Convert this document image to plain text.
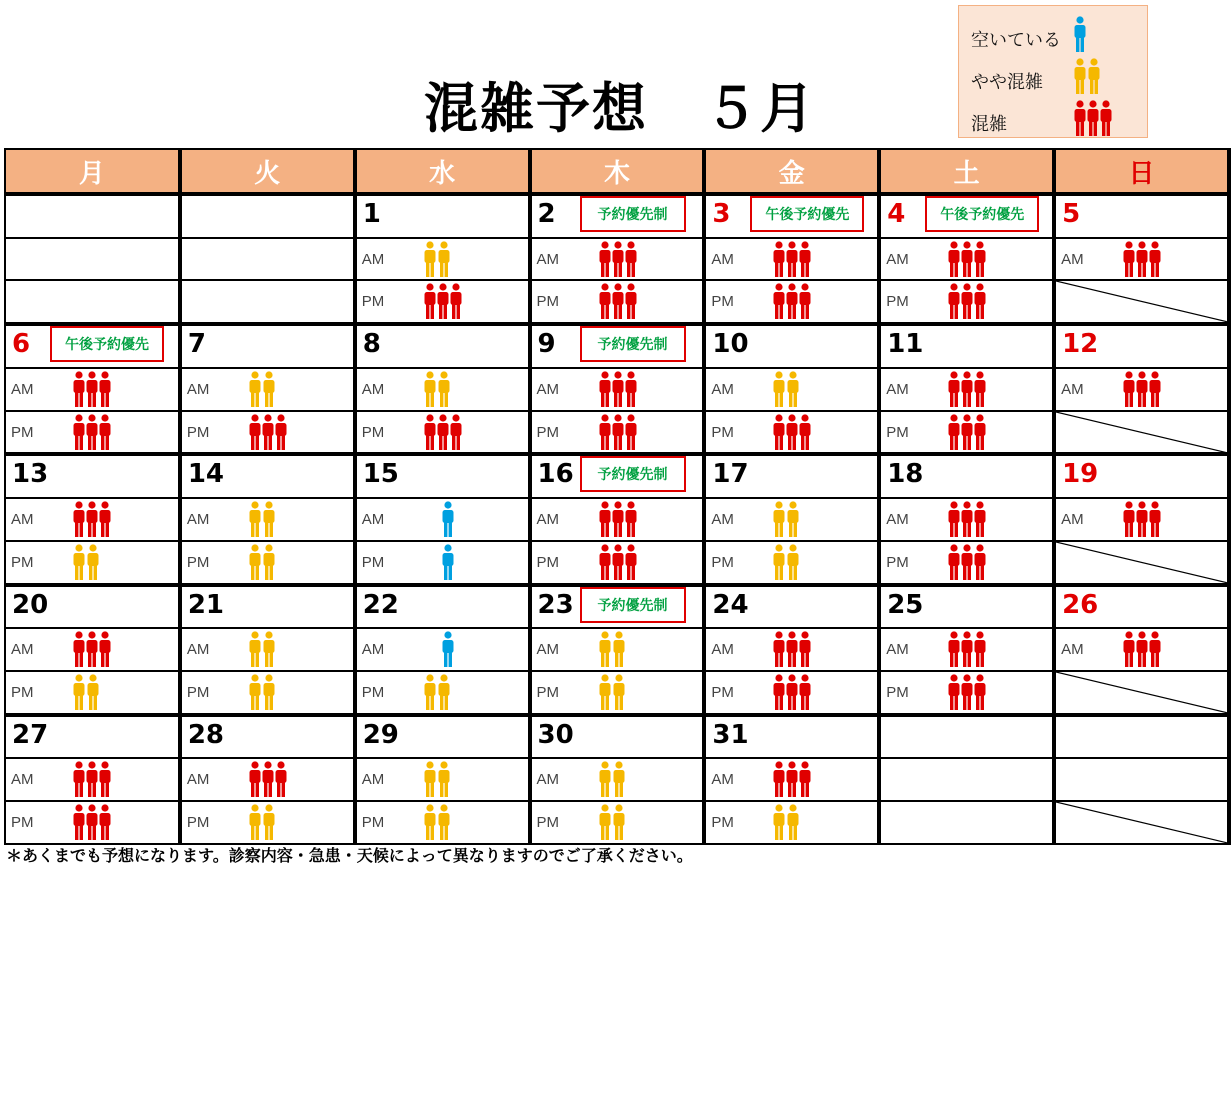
混雑予想　５月
空いている
やや混雑
混雑
月	火	水	木	金	土	日

		1	2 予約優先制	3 午後予約優先	4 午後予約優先	5

		AM	AM	AM	AM	AM

		PM	PM	PM	PM

6 午後予約優先	7	8	9 予約優先制	10	11	12

AM	AM	AM	AM	AM	AM	AM

PM	PM	PM	PM	PM	PM

13	14	15	16 予約優先制	17	18	19

AM	AM	AM	AM	AM	AM	AM

PM	PM	PM	PM	PM	PM

20	21	22	23 予約優先制	24	25	26

AM	AM	AM	AM	AM	AM	AM

PM	PM	PM	PM	PM	PM

27	28	29	30	31		

AM	AM	AM	AM	AM		

PM	PM	PM	PM	PM

＊あくまでも予想になります。診察内容・急患・天候によって異なりますのでご了承ください。
